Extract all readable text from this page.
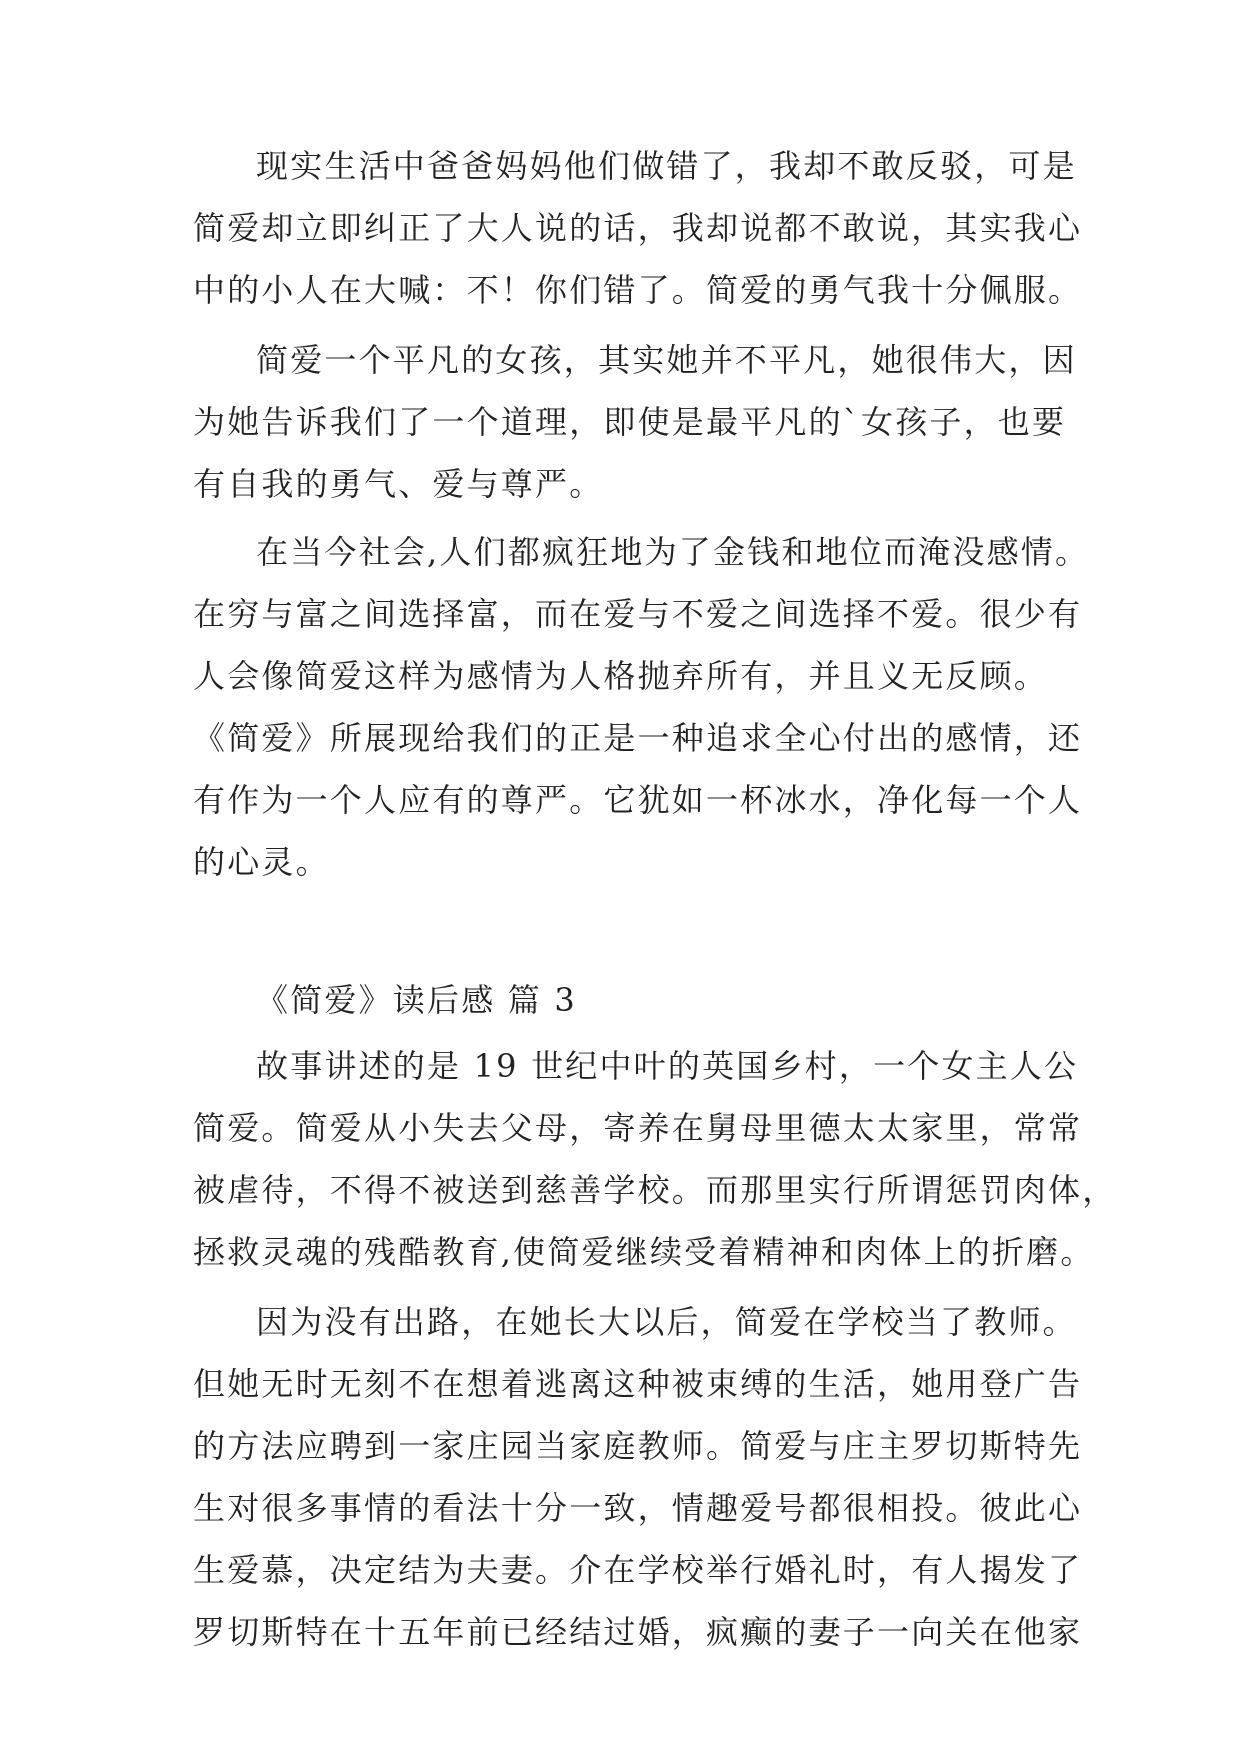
现实生活中爸爸妈妈他们做错了，我却不敢反驳，可是
简爱却立即纠正了大人说的话，我却说都不敢说，其实我心
中的小人在大喊：不！你们错了。简爱的勇气我十分佩服。
简爱一个平凡的女孩，其实她并不平凡，她很伟大，因
为她告诉我们了一个道理，即使是最平凡的`女孩子，也要
有自我的勇气、爱与尊严。
在当今社会,人们都疯狂地为了金钱和地位而淹没感情。
在穷与富之间选择富，而在爱与不爱之间选择不爱。很少有
人会像简爱这样为感情为人格抛弃所有，并且义无反顾。
《简爱》所展现给我们的正是一种追求全心付出的感情，还
有作为一个人应有的尊严。它犹如一杯冰水，净化每一个人
的心灵。
《简爱》读后感 篇 3
故事讲述的是 19 世纪中叶的英国乡村，一个女主人公
简爱。简爱从小失去父母，寄养在舅母里德太太家里，常常
被虐待，不得不被送到慈善学校。而那里实行所谓惩罚肉体，
拯救灵魂的残酷教育,使简爱继续受着精神和肉体上的折磨。
因为没有出路，在她长大以后，简爱在学校当了教师。
但她无时无刻不在想着逃离这种被束缚的生活，她用登广告
的方法应聘到一家庄园当家庭教师。简爱与庄主罗切斯特先
生对很多事情的看法十分一致，情趣爱号都很相投。彼此心
生爱慕，决定结为夫妻。介在学校举行婚礼时，有人揭发了
罗切斯特在十五年前已经结过婚，疯癫的妻子一向关在他家
